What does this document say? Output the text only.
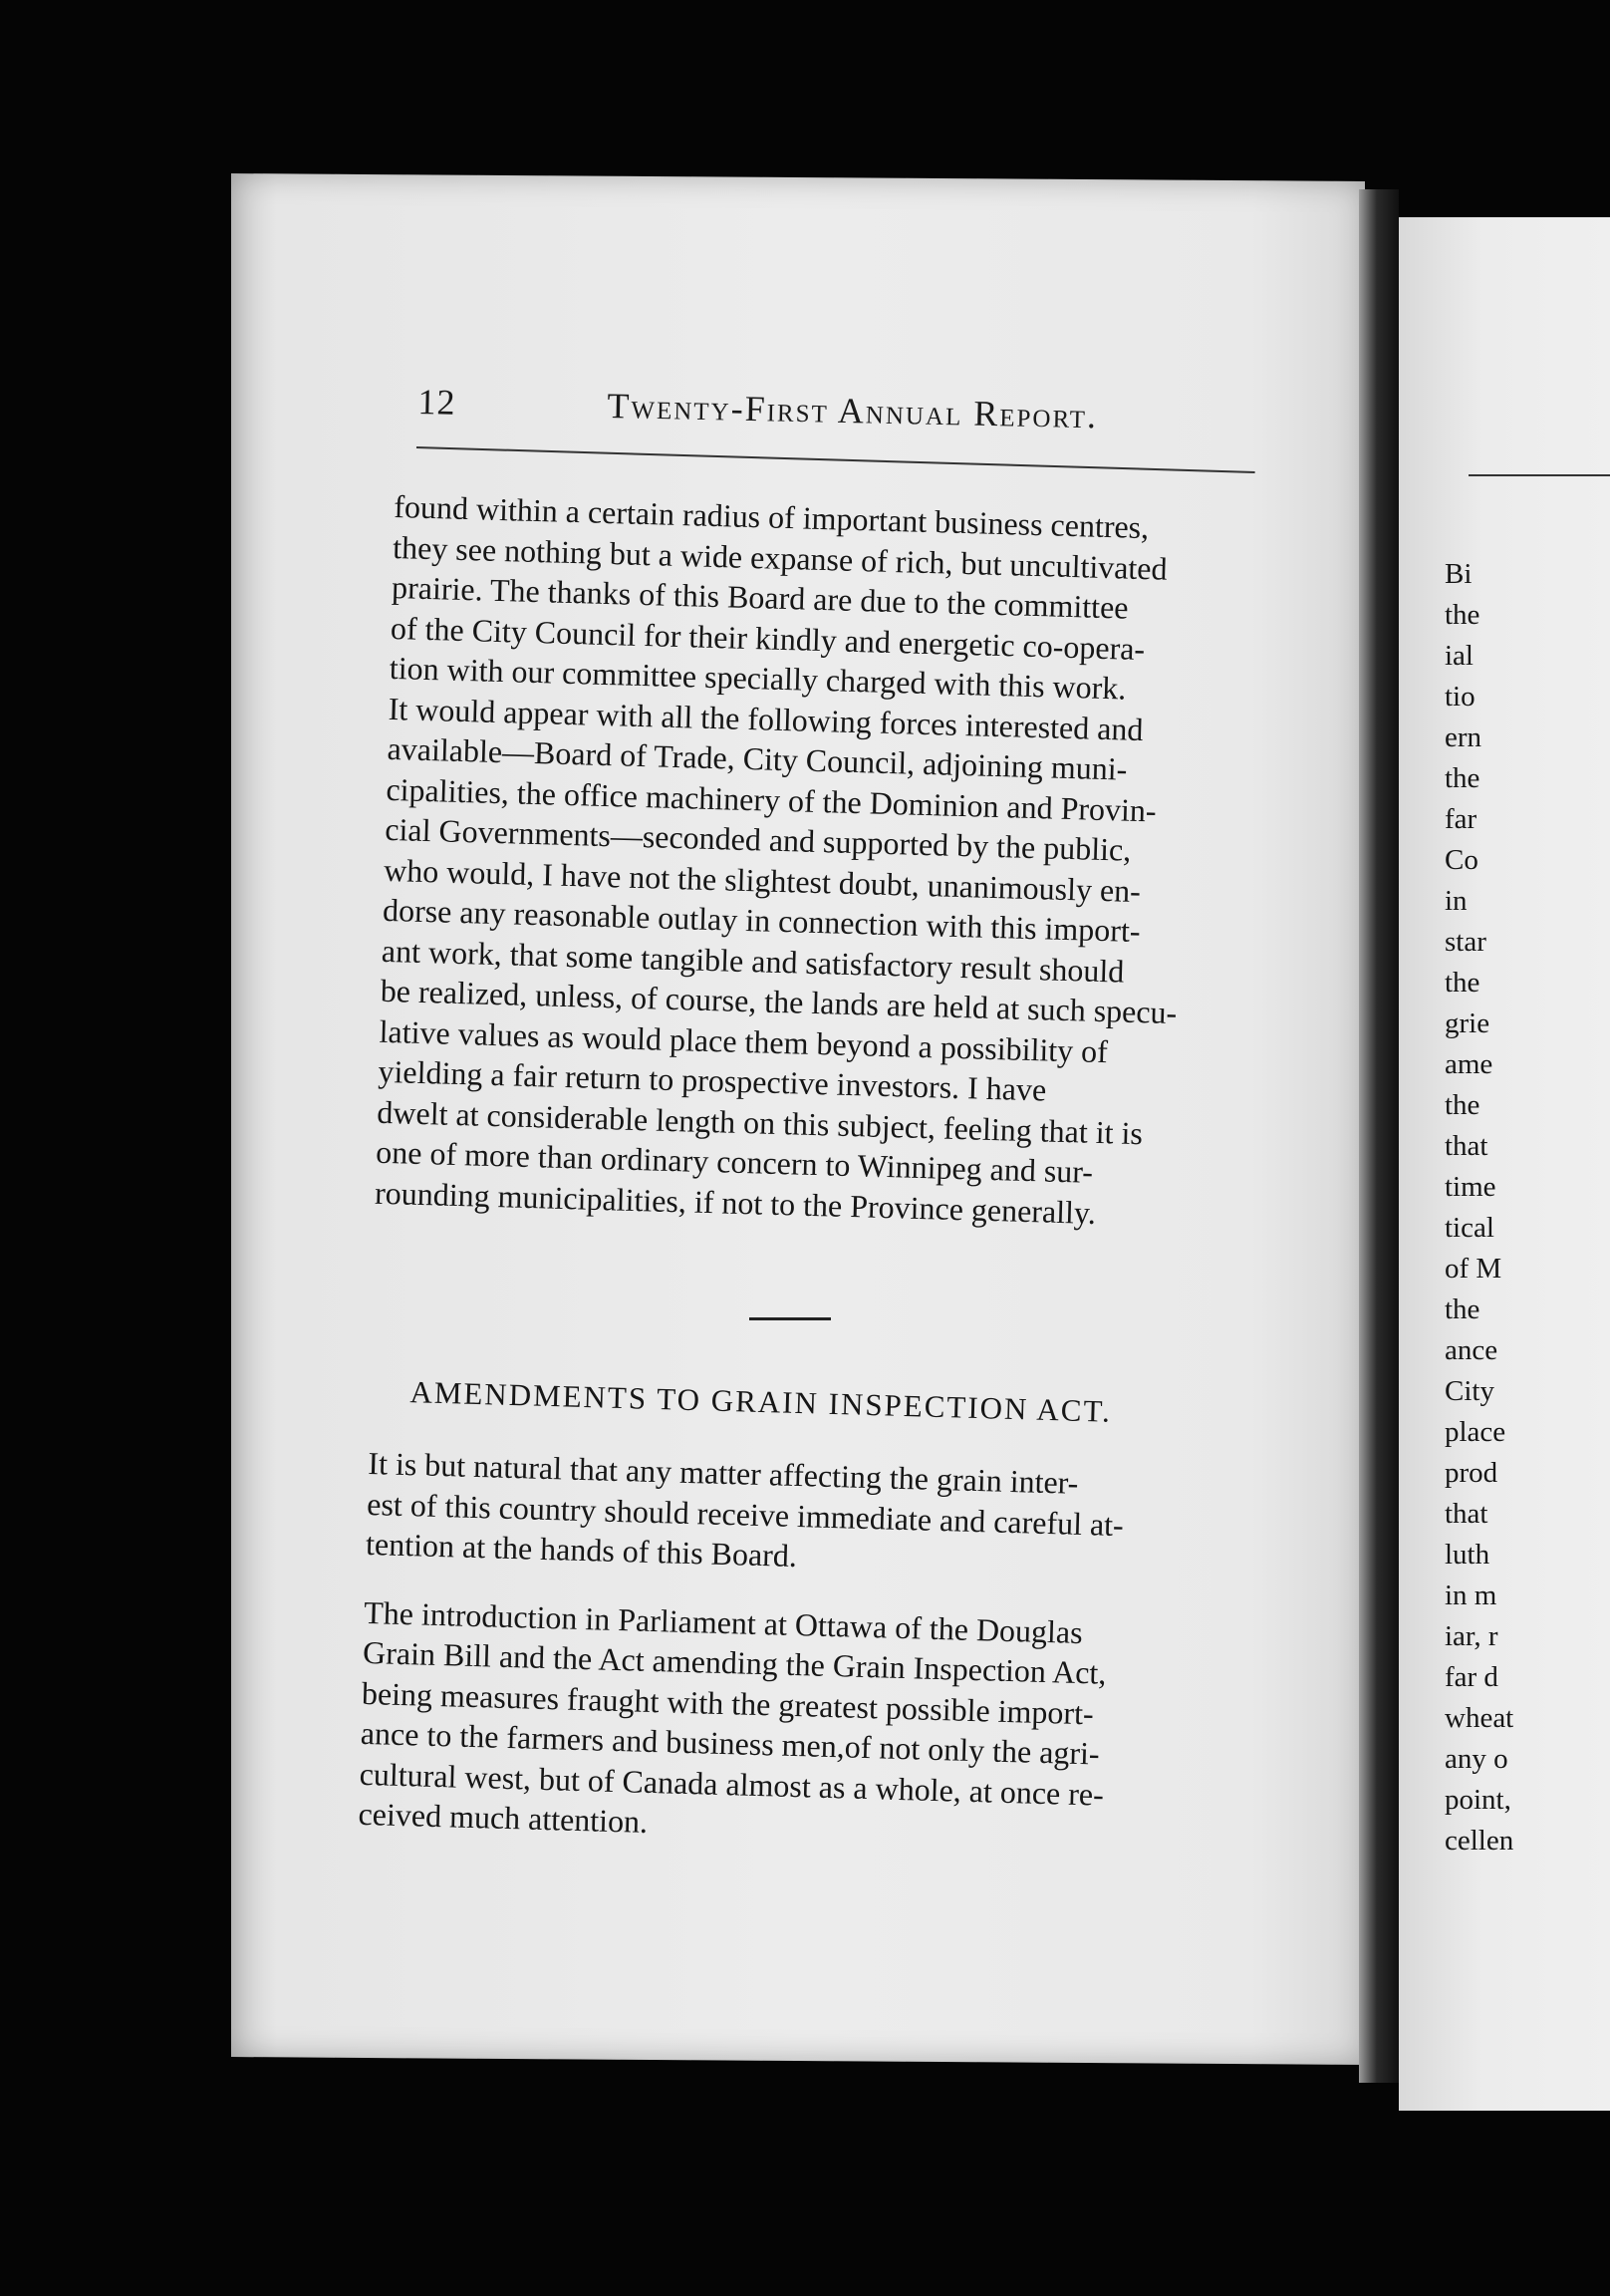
Bi
the
ial
tio
ern
the
far
Co
in
star
the
grie
ame
the
that
time
tical
of M
the
ance
City
place
prod
that
luth
in m
iar, r
far d
wheat
any o
point,
cellen
12	Twenty-First Annual Report.

found within a certain radius of important business centres,
they see nothing but a wide expanse of rich, but uncultivated
prairie. The thanks of this Board are due to the committee
of the City Council for their kindly and energetic co-opera-
tion with our committee specially charged with this work.
It would appear with all the following forces interested and
available—Board of Trade, City Council, adjoining muni-
cipalities, the office machinery of the Dominion and Provin-
cial Governments—seconded and supported by the public,
who would, I have not the slightest doubt, unanimously en-
dorse any reasonable outlay in connection with this import-
ant work, that some tangible and satisfactory result should
be realized, unless, of course, the lands are held at such specu-
lative values as would place them beyond a possibility of
yielding a fair return to prospective investors. I have
dwelt at considerable length on this subject, feeling that it is
one of more than ordinary concern to Winnipeg and sur-
rounding municipalities, if not to the Province generally.

AMENDMENTS TO GRAIN INSPECTION ACT.

It is but natural that any matter affecting the grain inter-
est of this country should receive immediate and careful at-
tention at the hands of this Board.

The introduction in Parliament at Ottawa of the Douglas
Grain Bill and the Act amending the Grain Inspection Act,
being measures fraught with the greatest possible import-
ance to the farmers and business men,of not only the agri-
cultural west, but of Canada almost as a whole, at once re-
ceived much attention.
